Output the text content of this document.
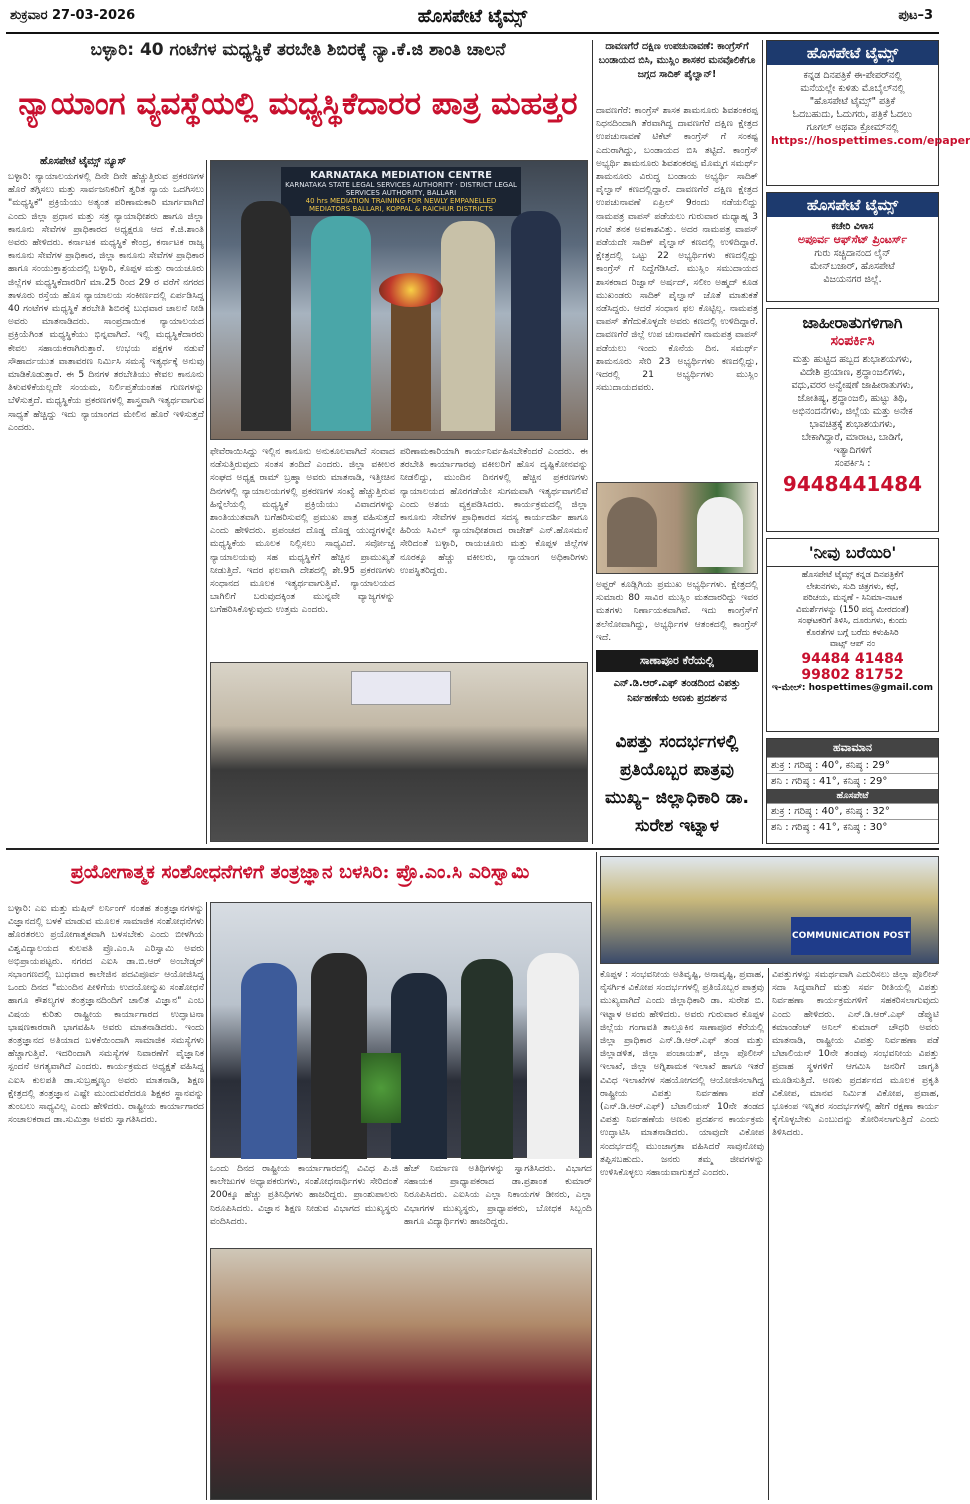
ಶುಕ್ರವಾರ 27-03-2026	ಹೊಸಪೇಟೆ ಟೈಮ್ಸ್	ಪುಟ–3
ಬಳ್ಳಾರಿ: 40 ಗಂಟೆಗಳ ಮಧ್ಯಸ್ಥಿಕೆ ತರಬೇತಿ ಶಿಬಿರಕ್ಕೆ ನ್ಯಾ.ಕೆ.ಜಿ ಶಾಂತಿ ಚಾಲನೆ
ನ್ಯಾಯಾಂಗ ವ್ಯವಸ್ಥೆಯಲ್ಲಿ ಮಧ್ಯಸ್ಥಿಕೆದಾರರ ಪಾತ್ರ ಮಹತ್ತರ
ಹೊಸಪೇಟೆ ಟೈಮ್ಸ್ ನ್ಯೂಸ್
ಬಳ್ಳಾರಿ: ನ್ಯಾಯಾಲಯಗಳಲ್ಲಿ ದಿನೇ ದಿನೇ ಹೆಚ್ಚುತ್ತಿರುವ ಪ್ರಕರಣಗಳ ಹೊರೆ ತಗ್ಗಿಸಲು ಮತ್ತು ಸಾರ್ವಜನಿಕರಿಗೆ ತ್ವರಿತ ನ್ಯಾಯ ಒದಗಿಸಲು "ಮಧ್ಯಸ್ಥಿಕೆ" ಪ್ರಕ್ರಿಯೆಯು ಅತ್ಯಂತ ಪರಿಣಾಮಕಾರಿ ಮಾರ್ಗವಾಗಿದೆ ಎಂದು ಜಿಲ್ಲಾ ಪ್ರಧಾನ ಮತ್ತು ಸತ್ರ ನ್ಯಾಯಾಧೀಶರು ಹಾಗೂ ಜಿಲ್ಲಾ ಕಾನೂನು ಸೇವೆಗಳ ಪ್ರಾಧಿಕಾರದ ಅಧ್ಯಕ್ಷರೂ ಆದ ಕೆ.ಜಿ.ಶಾಂತಿ ಅವರು ಹೇಳಿದರು. ಕರ್ನಾಟಕ ಮಧ್ಯಸ್ಥಿಕೆ ಕೇಂದ್ರ, ಕರ್ನಾಟಕ ರಾಜ್ಯ ಕಾನೂನು ಸೇವೆಗಳ ಪ್ರಾಧಿಕಾರ, ಜಿಲ್ಲಾ ಕಾನೂನು ಸೇವೆಗಳ ಪ್ರಾಧಿಕಾರ ಹಾಗೂ ಸಂಯುಕ್ತಾಶ್ರಯದಲ್ಲಿ ಬಳ್ಳಾರಿ, ಕೊಪ್ಪಳ ಮತ್ತು ರಾಯಚೂರು ಜಿಲ್ಲೆಗಳ ಮಧ್ಯಸ್ಥಿಕೆದಾರರಿಗೆ ಮಾ.25 ರಿಂದ 29 ರ ವರೆಗೆ ನಗರದ ತಾಳೂರು ರಸ್ತೆಯ ಹೊಸ ನ್ಯಾಯಾಲಯ ಸಂಕೀರ್ಣದಲ್ಲಿ ಏರ್ಪಡಿಸಿದ್ದ 40 ಗಂಟೆಗಳ ಮಧ್ಯಸ್ಥಿಕೆ ತರಬೇತಿ ಶಿಬಿರಕ್ಕೆ ಬುಧವಾರ ಚಾಲನೆ ನೀಡಿ ಅವರು ಮಾತನಾಡಿದರು. ಸಾಂಪ್ರದಾಯಿಕ ನ್ಯಾಯಾಲಯದ ಪ್ರಕ್ರಿಯೆಗಿಂತ ಮಧ್ಯಸ್ಥಿಕೆಯು ಭಿನ್ನವಾಗಿದೆ. ಇಲ್ಲಿ ಮಧ್ಯಸ್ಥಿಕೆದಾರರು ಕೇವಲ ಸಹಾಯಕರಾಗಿರುತ್ತಾರೆ. ಉಭಯ ಪಕ್ಷಗಳ ನಡುವೆ ಸೌಹಾರ್ದಯುತ ವಾತಾವರಣ ನಿರ್ಮಿಸಿ ಸಮಸ್ಯೆ ಇತ್ಯರ್ಥಕ್ಕೆ ಅನುವು ಮಾಡಿಕೊಡುತ್ತಾರೆ. ಈ 5 ದಿನಗಳ ತರಬೇತಿಯು ಕೇವಲ ಕಾನೂನು ತಿಳುವಳಿಕೆಯಲ್ಲದೇ ಸಂಯಮ, ನಿರ್ಲಿಪ್ತತೆಯಂತಹ ಗುಣಗಳನ್ನು ಬೆಳೆಸುತ್ತದೆ. ಮಧ್ಯಸ್ಥಿಕೆಯ ಪ್ರಕರಣಗಳಲ್ಲಿ ಶಾಸ್ತ್ರವಾಗಿ ಇತ್ಯರ್ಥವಾಗುವ ಸಾಧ್ಯತೆ ಹೆಚ್ಚಿದ್ದು ಇದು ನ್ಯಾಯಾಂಗದ ಮೇಲಿನ ಹೊರೆ ಇಳಿಸುತ್ತದೆ ಎಂದರು.
KARNATAKA MEDIATION CENTRE
KARNATAKA STATE LEGAL SERVICES AUTHORITY · DISTRICT LEGAL SERVICES AUTHORITY, BALLARI
40 hrs MEDIATION TRAINING FOR NEWLY EMPANELLED MEDIATORS BALLARI, KOPPAL & RAICHUR DISTRICTS
ಫೇವೆರಾಯಿಸಿದ್ದು ಇಲ್ಲಿನ ಕಾನೂನು ಅನುಕೂಲವಾಗಿದೆ ಸಂವಾದ ನಡೆಸುತ್ತಿರುವುದು ಸಂತಸ ತಂದಿದೆ ಎಂದರು. ಜಿಲ್ಲಾ ವಕೀಲರ ಸಂಘದ ಅಧ್ಯಕ್ಷ ರಾಮ್ ಬ್ರಹ್ಮಾ ಅವರು ಮಾತನಾಡಿ, ಇತ್ತೀಚಿನ ದಿನಗಳಲ್ಲಿ ನ್ಯಾಯಾಲಯಗಳಲ್ಲಿ ಪ್ರಕರಣಗಳ ಸಂಖ್ಯೆ ಹೆಚ್ಚುತ್ತಿರುವ ಹಿನ್ನೆಲೆಯಲ್ಲಿ ಮಧ್ಯಸ್ಥಿಕೆ ಪ್ರಕ್ರಿಯೆಯು ವಿವಾದಗಳನ್ನು ಶಾಂತಿಯುತವಾಗಿ ಬಗೆಹರಿಸುವಲ್ಲಿ ಪ್ರಮುಖ ಪಾತ್ರ ವಹಿಸುತ್ತದೆ ಎಂದು ಹೇಳಿದರು. ಪ್ರಪಂಚದ ದೊಡ್ಡ ದೊಡ್ಡ ಯುದ್ಧಗಳನ್ನೇ ಮಧ್ಯಸ್ಥಿಕೆಯ ಮೂಲಕ ನಿಲ್ಲಿಸಲು ಸಾಧ್ಯವಿದೆ. ಸರ್ವೋಚ್ಚ ನ್ಯಾಯಾಲಯವು ಸಹ ಮಧ್ಯಸ್ಥಿಕೆಗೆ ಹೆಚ್ಚಿನ ಪ್ರಾಮುಖ್ಯತೆ ನೀಡುತ್ತಿದೆ. ಇದರ ಫಲವಾಗಿ ದೇಶದಲ್ಲಿ ಶೇ.95 ಪ್ರಕರಣಗಳು ಸಂಧಾನದ ಮೂಲಕ ಇತ್ಯರ್ಥವಾಗುತ್ತಿವೆ. ನ್ಯಾಯಾಲಯದ ಬಾಗಿಲಿಗೆ ಬರುವುದಕ್ಕಿಂತ ಮುನ್ನವೇ ವ್ಯಾಜ್ಯಗಳನ್ನು ಬಗೆಹರಿಸಿಕೊಳ್ಳುವುದು ಉತ್ತಮ ಎಂದರು.
ಪರಿಣಾಮಕಾರಿಯಾಗಿ ಕಾರ್ಯನಿರ್ವಹಿಸಬೇಕೆಂದರೆ ಎಂದರು. ಈ ತರಬೇತಿ ಕಾರ್ಯಾಗಾರವು ವಕೀಲರಿಗೆ ಹೊಸ ದೃಷ್ಟಿಕೋನವನ್ನು ನೀಡಲಿದ್ದು, ಮುಂದಿನ ದಿನಗಳಲ್ಲಿ ಹೆಚ್ಚಿನ ಪ್ರಕರಣಗಳು ನ್ಯಾಯಾಲಯದ ಹೊರಗಡೆಯೇ ಸುಗಮವಾಗಿ ಇತ್ಯರ್ಥವಾಗಲಿವೆ ಎಂದು ಅಶಯ ವ್ಯಕ್ತಪಡಿಸಿದರು. ಕಾರ್ಯಕ್ರಮದಲ್ಲಿ ಜಿಲ್ಲಾ ಕಾನೂನು ಸೇವೆಗಳ ಪ್ರಾಧಿಕಾರದ ಸದಸ್ಯ ಕಾರ್ಯದರ್ಶಿ ಹಾಗೂ ಹಿರಿಯ ಸಿವಿಲ್ ನ್ಯಾಯಾಧೀಶರಾದ ರಾಜೇಶ್ ಎನ್.ಹೊಸಮನೆ ಸೇರಿದಂತೆ ಬಳ್ಳಾರಿ, ರಾಯಚೂರು ಮತ್ತು ಕೊಪ್ಪಳ ಜಿಲ್ಲೆಗಳ ನೂರಕ್ಕೂ ಹೆಚ್ಚು ವಕೀಲರು, ನ್ಯಾಯಾಂಗ ಅಧಿಕಾರಿಗಳು ಉಪಸ್ಥಿತರಿದ್ದರು.
ದಾವಣಗೆರೆ ದಕ್ಷಿಣ ಉಪಚುನಾವಣೆ: ಕಾಂಗ್ರೆಸ್‌ಗೆ ಬಂಡಾಯದ ಬಿಸಿ, ಮುಸ್ಲಿಂ ಶಾಸಕರ ಮನವೊಲಿಕೆಗೂ ಜಗ್ಗದ ಸಾದಿಕ್ ಪೈಲ್ವಾನ್!
ದಾವಣಗೆರೆ: ಕಾಂಗ್ರೆಸ್ ಶಾಸಕ ಶಾಮನೂರು ಶಿವಶಂಕರಪ್ಪ ನಿಧನದಿಂದಾಗಿ ತೆರವಾಗಿದ್ದ ದಾವಣಗೆರೆ ದಕ್ಷಿಣ ಕ್ಷೇತ್ರದ ಉಪಚುನಾವಣೆ ಟಿಕೆಟ್ ಕಾಂಗ್ರೆಸ್ ಗೆ ಸಂಕಷ್ಟ ಎದುರಾಗಿದ್ದು, ಬಂಡಾಯದ ಬಿಸಿ ತಟ್ಟಿದೆ. ಕಾಂಗ್ರೆಸ್ ಅಭ್ಯರ್ಥಿ ಶಾಮನೂರು ಶಿವಶಂಕರಪ್ಪ ಮೊಮ್ಮಗ ಸಮರ್ಥ್ ಶಾಮನೂರು ವಿರುದ್ಧ ಬಂಡಾಯ ಅಭ್ಯರ್ಥಿ ಸಾದಿಕ್ ಪೈಲ್ವಾನ್ ಕಣದಲ್ಲಿದ್ದಾರೆ. ದಾವಣಗೆರೆ ದಕ್ಷಿಣ ಕ್ಷೇತ್ರದ ಉಪಚುನಾವಣೆ ಏಪ್ರಿಲ್ 9ರಂದು ನಡೆಯಲಿದ್ದು ನಾಮಪತ್ರ ವಾಪಸ್ ಪಡೆಯಲು ಗುರುವಾರ ಮಧ್ಯಾಹ್ನ 3 ಗಂಟೆ ತನಕ ಅವಕಾಶವಿತ್ತು. ಅದರ ನಾಮಪತ್ರ ವಾಪಸ್ ಪಡೆಯದೇ ಸಾದಿಕ್ ಪೈಲ್ವಾನ್ ಕಣದಲ್ಲಿ ಉಳಿದಿದ್ದಾರೆ. ಕ್ಷೇತ್ರದಲ್ಲಿ ಒಟ್ಟು 22 ಅಭ್ಯರ್ಥಿಗಳು ಕಣದಲ್ಲಿದ್ದು ಕಾಂಗ್ರೆಸ್ ಗೆ ನಿದ್ದೆಗೆಡಿಸಿದೆ. ಮುಸ್ಲಿಂ ಸಮುದಾಯದ ಶಾಸಕರಾದ ರಿಜ್ವಾನ್ ಅರ್ಷದ್, ಸಲೀಂ ಅಹ್ಮದ್ ಕೂಡ ಮುಖಂಡರು ಸಾದಿಕ್ ಪೈಲ್ವಾನ್ ಜೊತೆ ಮಾತುಕತೆ ನಡೆಸಿದ್ದರು. ಆದರೆ ಸಂಧಾನ ಫಲ ಕೊಟ್ಟಿಲ್ಲ. ನಾಮಪತ್ರ ವಾಪಸ್ ತೆಗೆದುಕೊಳ್ಳದೇ ಅವರು ಕಣದಲ್ಲಿ ಉಳಿದಿದ್ದಾರೆ. ದಾವಣಗೆರೆ ಜಿಲ್ಲೆ ಉಪ ಚುನಾವಣೆಗೆ ನಾಮಪತ್ರ ವಾಪಸ್ ಪಡೆಯಲು ಇಂದು ಕೊನೆಯ ದಿನ. ಸಮರ್ಥ್ ಶಾಮನೂರು ಸೇರಿ 23 ಅಭ್ಯರ್ಥಿಗಳು ಕಣದಲ್ಲಿದ್ದು, ಇದರಲ್ಲಿ 21 ಅಭ್ಯರ್ಥಿಗಳು ಮುಸ್ಲಿಂ ಸಮುದಾಯದವರು.
ಅಫ್ಜರ್ ಕೂಡ್ಲಿಗಿಯ ಪ್ರಮುಖ ಅಭ್ಯರ್ಥಿಗಳು. ಕ್ಷೇತ್ರದಲ್ಲಿ ಸುಮಾರು 80 ಸಾವಿರ ಮುಸ್ಲಿಂ ಮತದಾರರಿದ್ದು ಇವರ ಮತಗಳು ನಿರ್ಣಾಯಕವಾಗಿವೆ. ಇದು ಕಾಂಗ್ರೆಸ್‌ಗೆ ತಲೆನೋವಾಗಿದ್ದು, ಅಭ್ಯರ್ಥಿಗಳ ಆತಂಕದಲ್ಲಿ ಕಾಂಗ್ರೆಸ್ ಇದೆ.
ಸಾಣಾಪೂರ ಕೆರೆಯಲ್ಲಿ
ಎನ್.ಡಿ.ಆರ್.ಎಫ್ ತಂಡದಿಂದ ವಿಪತ್ತು ನಿರ್ವಹಣೆಯ ಅಣಕು ಪ್ರದರ್ಶನ
ವಿಪತ್ತು ಸಂದರ್ಭಗಳಲ್ಲಿ ಪ್ರತಿಯೊಬ್ಬರ ಪಾತ್ರವು ಮುಖ್ಯ– ಜಿಲ್ಲಾಧಿಕಾರಿ ಡಾ. ಸುರೇಶ ಇಟ್ನಾಳ
ಹೊಸಪೇಟೆ ಟೈಮ್ಸ್
ಕನ್ನಡ ದಿನಪತ್ರಿಕೆ ಈ-ಪೇಪರ್‌ನಲ್ಲಿ
ಮನೆಯಲ್ಲೇ ಕುಳಿತು ಮೊಬೈಲ್‌ನಲ್ಲಿ
"ಹೊಸಪೇಟೆ ಟೈಮ್ಸ್" ಪತ್ರಿಕೆ
ಓದಬಹುದು, ಓದುಗರು, ಪತ್ರಿಕೆ ಓದಲು
ಗೂಗಲ್ ಅಥವಾ ಕ್ರೋಮ್‌ನಲ್ಲಿ
https://hospettimes.com/epaper
ಹೊಸಪೇಟೆ ಟೈಮ್ಸ್
ಕಚೇರಿ ವಿಳಾಸ
ಅಪೂರ್ವ ಆಫ್‌ಸೆಟ್ ಪ್ರಿಂಟರ್ಸ್
ಗುರು ಸಚ್ಚಿದಾನಂದ ಲೈನ್
ಮೇನ್‌ಬಜಾರ್, ಹೊಸಪೇಟೆ
ವಿಜಯನಗರ ಜಿಲ್ಲೆ.
ಜಾಹೀರಾತುಗಳಿಗಾಗಿ
ಸಂಪರ್ಕಿಸಿ
ಮತ್ತು ಹುಟ್ಟಿದ ಹಬ್ಬದ ಶುಭಾಶಯಗಳು,
ವಿದೇಶಿ ಪ್ರಯಾಣ, ಶ್ರದ್ಧಾಂಜಲಿಗಳು,
ವಧು,ವರರ ಅನ್ವೇಷಣೆ ಜಾಹೀರಾತುಗಳು,
ಜೋತಿಷ್ಯ, ಶ್ರದ್ಧಾಂಜಲಿ, ಹುಟ್ಟು ತಿಥಿ,
ಅಭಿನಂದನೆಗಳು, ಜಿಲ್ಲೆಯ ಮತ್ತು ಅನೇಕ
ಭಾವಚಿತ್ರಕ್ಕೆ ಶುಭಾಶಯಗಳು,
ಬೇಕಾಗಿದ್ದಾರೆ, ಮಾರಾಟ, ಬಾಡಿಗೆ,
ಇತ್ಯಾದಿಗಳಿಗೆ
ಸಂಪರ್ಕಿಸಿ :
9448441484
'ನೀವು ಬರೆಯಿರಿ'
ಹೊಸಪೇಟೆ ಟೈಮ್ಸ್ ಕನ್ನಡ ದಿನಪತ್ರಿಕೆಗೆ
ಲೇಖನಗಳು, ಸುದಿ ಚಿತ್ರಗಳು, ಕಥೆ,
ಪರಿಚಯ, ಮನ್ನಣೆ - ಸಿನಿಮಾ-ನಾಟಕ
ವಿಮರ್ಶೆಗಳನ್ನು (150 ಪದ್ಯ ಮೀರದಂತೆ)
ಸಂಘಟಕರಿಗೆ ತಿಳಿಸಿ, ದೂರುಗಳು, ಕುಂದು
ಕೊರತೆಗಳ ಬಗ್ಗೆ ಬರೆದು ಕಳುಹಿಸಿರಿ
ವಾಟ್ಸ್ ಆಪ್ ನಂ
94484 41484
99802 81752
ಇ-ಮೇಲ್: hospettimes@gmail.com
ಹವಾಮಾನ
ಶುಕ್ರ : ಗರಿಷ್ಠ : 40°, ಕನಿಷ್ಠ : 29°
ಶನಿ : ಗರಿಷ್ಠ : 41°, ಕನಿಷ್ಠ : 29°
ಹೊಸಪೇಟೆ
ಶುಕ್ರ : ಗರಿಷ್ಠ : 40°, ಕನಿಷ್ಠ : 32°
ಶನಿ : ಗರಿಷ್ಠ : 41°, ಕನಿಷ್ಠ : 30°
ಪ್ರಯೋಗಾತ್ಮಕ ಸಂಶೋಧನೆಗಳಿಗೆ ತಂತ್ರಜ್ಞಾನ ಬಳಸಿರಿ: ಪ್ರೊ.ಎಂ.ಸಿ ಎರಿಸ್ವಾಮಿ
ಬಳ್ಳಾರಿ: ಎಐ ಮತ್ತು ಮಷಿನ್ ಲರ್ನಿಂಗ್ ನಂತಹ ತಂತ್ರಜ್ಞಾನಗಳನ್ನು ವಿಜ್ಞಾನದಲ್ಲಿ ಬಳಕೆ ಮಾಡುವ ಮೂಲಕ ಸಾಮಾಜಿಕ ಸಂಶೋಧನೆಗಳು ಹೊರತರಲು ಪ್ರಯೋಗಾತ್ಮಕವಾಗಿ ಬಳಸಬೇಕು ಎಂದು ಬೀಳಗಿಯ ವಿಶ್ವವಿದ್ಯಾಲಯದ ಕುಲಪತಿ ಪ್ರೊ.ಎಂ.ಸಿ ಎರಿಸ್ವಾಮಿ ಅವರು ಅಭಿಪ್ರಾಯಪಟ್ಟರು. ನಗರದ ಎಐಸಿ ಡಾ.ಬಿ.ಆರ್ ಅಂಬೇಡ್ಕರ್ ಸಭಾಂಗಣದಲ್ಲಿ ಬುಧವಾರ ಕಾಲೇಜಿನ ಪದವಿಪೂರ್ವ ಆಯೋಜಿಸಿದ್ದ ಒಂದು ದಿನದ "ಮುಂದಿನ ಪೀಳಿಗೆಯ ಉದಯೋನ್ಮುಖ ಸಂಶೋಧನೆ ಹಾಗೂ ಕೌಶಲ್ಯಗಳ ತಂತ್ರಜ್ಞಾನದಿಂದಿಗೆ ಚಾಲಿತ ವಿಜ್ಞಾನ" ಎಂಬ ವಿಷಯ ಕುರಿತು ರಾಷ್ಟ್ರೀಯ ಕಾರ್ಯಾಗಾರದ ಉದ್ಘಾಟನಾ ಭಾಷಣಕಾರರಾಗಿ ಭಾಗವಹಿಸಿ ಅವರು ಮಾತನಾಡಿದರು. ಇಂದು ತಂತ್ರಜ್ಞಾನದ ಅತಿಯಾದ ಬಳಕೆಯಿಂದಾಗಿ ಸಾಮಾಜಿಕ ಸಮಸ್ಯೆಗಳು ಹೆಚ್ಚಾಗುತ್ತಿವೆ. ಇದರಿಂದಾಗಿ ಸಮಸ್ಯೆಗಳ ನಿವಾರಣೆಗೆ ವೈಜ್ಞಾನಿಕ ಸ್ಪಂದನೆ ಅಗತ್ಯವಾಗಿದೆ ಎಂದರು. ಕಾರ್ಯಕ್ರಮದ ಅಧ್ಯಕ್ಷತೆ ವಹಿಸಿದ್ದ ಎಐಸಿ ಕುಲಪತಿ ಡಾ.ಸುಬ್ರಹ್ಮಣ್ಯಂ ಅವರು ಮಾತನಾಡಿ, ಶಿಕ್ಷಣ ಕ್ಷೇತ್ರದಲ್ಲಿ ತಂತ್ರಜ್ಞಾನ ಎಷ್ಟೇ ಮುಂದುವರೆದರೂ ಶಿಕ್ಷಕರ ಸ್ಥಾನವನ್ನು ತುಂಬಲು ಸಾಧ್ಯವಿಲ್ಲ ಎಂದು ಹೇಳಿದರು. ರಾಷ್ಟ್ರೀಯ ಕಾರ್ಯಾಗಾರದ ಸಂಚಾಲಕರಾದ ಡಾ.ಸುಮಿತ್ರಾ ಅವರು ಸ್ವಾಗತಿಸಿದರು.
ಒಂದು ದಿನದ ರಾಷ್ಟ್ರೀಯ ಕಾರ್ಯಾಗಾರದಲ್ಲಿ ವಿವಿಧ ಪಿ.ಜಿ ಕಾಲೇಜುಗಳ ಅಧ್ಯಾಪಕರುಗಳು, ಸಂಶೋಧನಾರ್ಥಿಗಳು ಸೇರಿದಂತೆ 200ಕ್ಕೂ ಹೆಚ್ಚು ಪ್ರತಿನಿಧಿಗಳು ಹಾಜರಿದ್ದರು. ಪ್ರಾಂಶುಪಾಲರು ನಿರೂಪಿಸಿದರು. ವಿಜ್ಞಾನ ಶಿಕ್ಷಣ ನೀಡುವ ವಿಭಾಗದ ಮುಖ್ಯಸ್ಥರು ವಂದಿಸಿದರು.
ಹೆಚ್ ನಿರ್ಮಾಣ ಅತಿಥಿಗಳನ್ನು ಸ್ವಾಗತಿಸಿದರು. ವಿಭಾಗದ ಸಹಾಯಕ ಪ್ರಾಧ್ಯಾಪಕರಾದ ಡಾ.ಪ್ರಶಾಂತ ಕುಮಾರ್ ನಿರೂಪಿಸಿದರು. ಎಐಸಿಯ ಎಲ್ಲಾ ನಿಕಾಯಗಳ ಡೀನರು, ಎಲ್ಲಾ ವಿಭಾಗಗಳ ಮುಖ್ಯಸ್ಥರು, ಪ್ರಾಧ್ಯಾಪಕರು, ಬೋಧಕ ಸಿಬ್ಬಂದಿ ಹಾಗೂ ವಿದ್ಯಾರ್ಥಿಗಳು ಹಾಜರಿದ್ದರು.
COMMUNICATION POST
ಕೊಪ್ಪಳ : ಸಂಭವನೀಯ ಅತಿವೃಷ್ಟಿ, ಅನಾವೃಷ್ಟಿ, ಪ್ರವಾಹ, ನೈಸರ್ಗಿಕ ವಿಕೋಪ ಸಂದರ್ಭಗಳಲ್ಲಿ ಪ್ರತಿಯೊಬ್ಬರ ಪಾತ್ರವು ಮುಖ್ಯವಾಗಿದೆ ಎಂದು ಜಿಲ್ಲಾಧಿಕಾರಿ ಡಾ. ಸುರೇಶ ಬಿ. ಇಟ್ನಾಳ ಅವರು ಹೇಳಿದರು. ಅವರು ಗುರುವಾರ ಕೊಪ್ಪಳ ಜಿಲ್ಲೆಯ ಗಂಗಾವತಿ ತಾಲ್ಲೂಕಿನ ಸಾಣಾಪೂರ ಕೆರೆಯಲ್ಲಿ ಜಿಲ್ಲಾ ಪ್ರಾಧಿಕಾರ ಎನ್.ಡಿ.ಆರ್.ಎಫ್ ತಂಡ ಮತ್ತು ಜಿಲ್ಲಾಡಳಿತ, ಜಿಲ್ಲಾ ಪಂಚಾಯತ್, ಜಿಲ್ಲಾ ಪೊಲೀಸ್ ಇಲಾಖೆ, ಜಿಲ್ಲಾ ಅಗ್ನಿಶಾಮಕ ಇಲಾಖೆ ಹಾಗೂ ಇತರೆ ವಿವಿಧ ಇಲಾಖೆಗಳ ಸಹಯೋಗದಲ್ಲಿ ಆಯೋಜಿಸಲಾಗಿದ್ದ ರಾಷ್ಟ್ರೀಯ ವಿಪತ್ತು ನಿರ್ವಹಣಾ ಪಡೆ (ಎನ್.ಡಿ.ಆರ್.ಎಫ್) ಬೆಟಾಲಿಯನ್ 10ನೇ ತಂಡದ ವಿಪತ್ತು ನಿರ್ವಹಣೆಯ ಅಣಕು ಪ್ರದರ್ಶನ ಕಾರ್ಯಕ್ರಮ ಉದ್ಘಾಟಿಸಿ ಮಾತನಾಡಿದರು. ಯಾವುದೇ ವಿಕೋಪ ಸಂದರ್ಭದಲ್ಲಿ ಮುಂಜಾಗ್ರತಾ ವಹಿಸಿದರೆ ಸಾವುನೋವು ತಪ್ಪಿಸಬಹುದು. ಜನರು ತಮ್ಮ ಜೀವಗಳನ್ನು ಉಳಿಸಿಕೊಳ್ಳಲು ಸಹಾಯವಾಗುತ್ತದೆ ಎಂದರು.
ವಿಪತ್ತುಗಳನ್ನು ಸಮರ್ಥವಾಗಿ ಎದುರಿಸಲು ಜಿಲ್ಲಾ ಪೊಲೀಸ್ ಸದಾ ಸಿದ್ಧವಾಗಿದೆ ಮತ್ತು ಸರ್ವ ರೀತಿಯಲ್ಲಿ ವಿಪತ್ತು ನಿರ್ವಹಣಾ ಕಾರ್ಯಕ್ರಮಗಳಿಗೆ ಸಹಕರಿಸಲಾಗುವುದು ಎಂದು ಹೇಳಿದರು. ಎನ್.ಡಿ.ಆರ್.ಎಫ್ ಡೆಪ್ಯುಟಿ ಕಮಾಂಡೆಂಟ್ ಅನಿಲ್ ಕುಮಾರ್ ಚೌಧರಿ ಅವರು ಮಾತನಾಡಿ, ರಾಷ್ಟ್ರೀಯ ವಿಪತ್ತು ನಿರ್ವಹಣಾ ಪಡೆ ಬೆಟಾಲಿಯನ್ 10ನೇ ತಂಡವು ಸಂಭವನೀಯ ವಿಪತ್ತು ಪ್ರವಾಹ ಸ್ಥಳಗಳಿಗೆ ಆಗಮಿಸಿ ಜನರಿಗೆ ಜಾಗೃತಿ ಮೂಡಿಸುತ್ತಿದೆ. ಅಣಕು ಪ್ರದರ್ಶನದ ಮೂಲಕ ಪ್ರಕೃತಿ ವಿಕೋಪ, ಮಾನವ ನಿರ್ಮಿತ ವಿಕೋಪ, ಪ್ರವಾಹ, ಭೂಕಂಪ ಇನ್ನಿತರ ಸಂದರ್ಭಗಳಲ್ಲಿ ಹೇಗೆ ರಕ್ಷಣಾ ಕಾರ್ಯ ಕೈಗೊಳ್ಳಬೇಕು ಎಂಬುದನ್ನು ತೋರಿಸಲಾಗುತ್ತಿದೆ ಎಂದು ತಿಳಿಸಿದರು.
